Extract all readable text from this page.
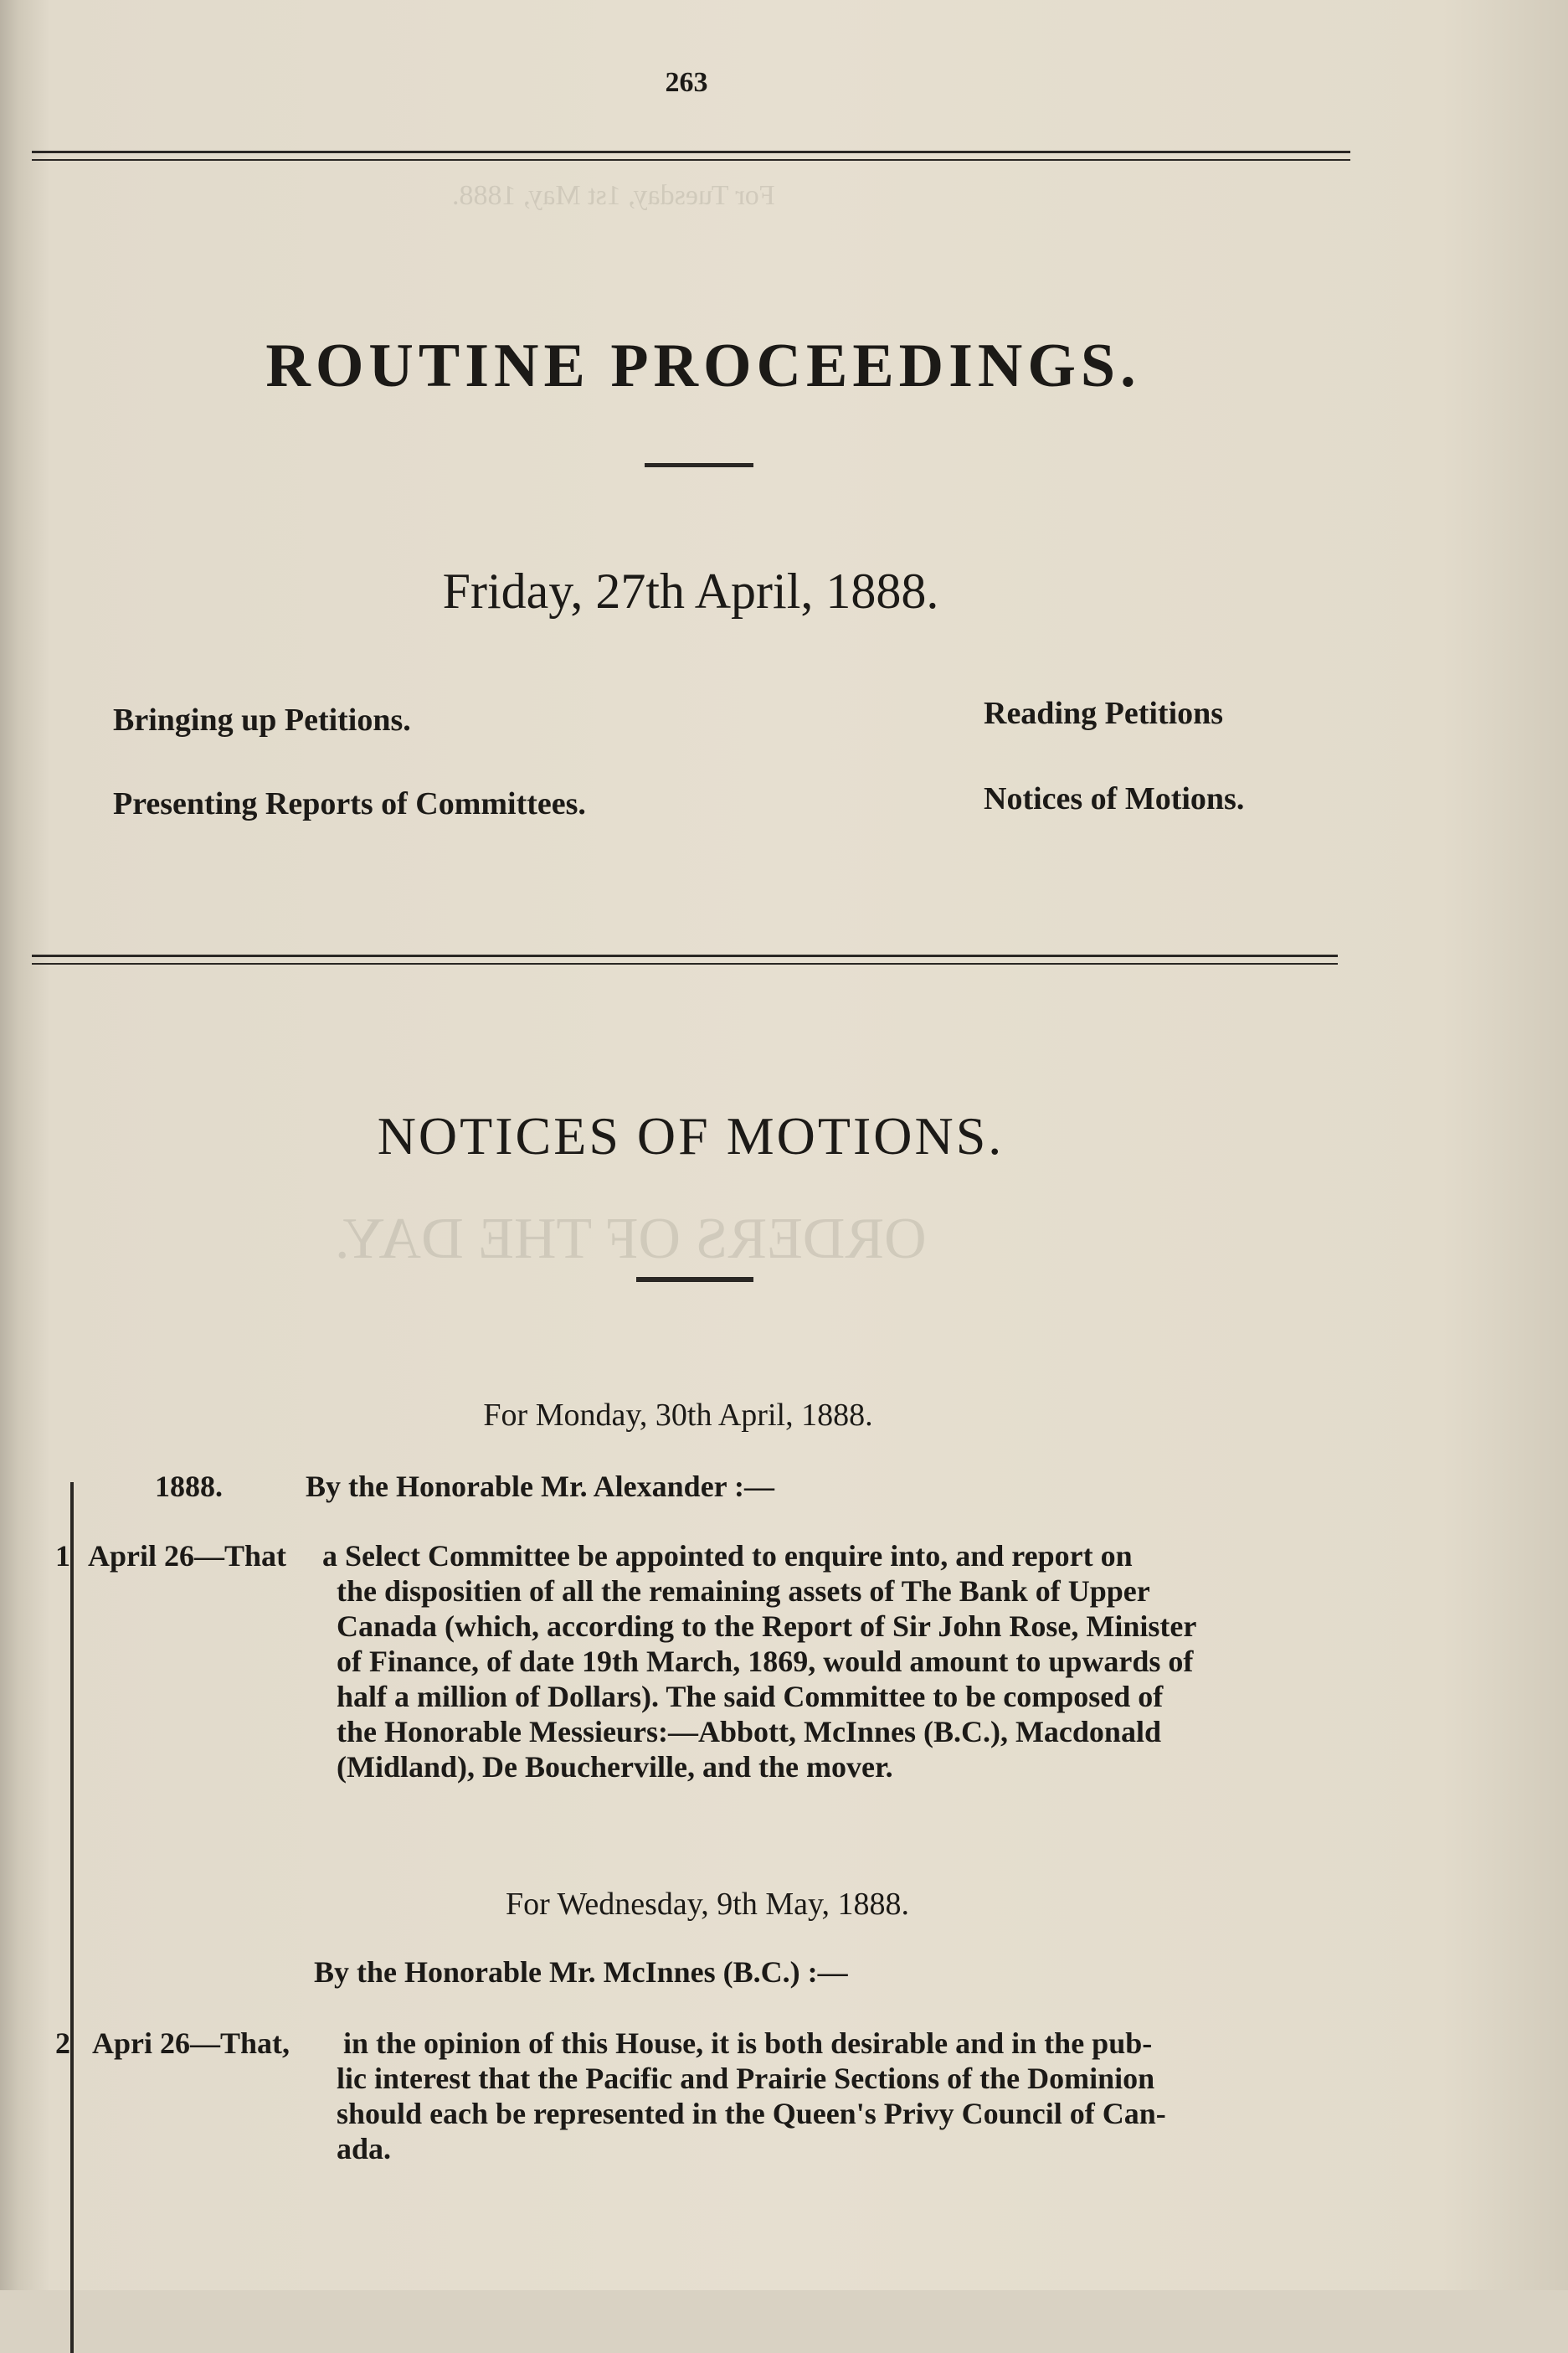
For Tuesday, 1st May, 1888.
ORDERS OF THE DAY.
263
ROUTINE PROCEEDINGS.
Friday, 27th April, 1888.
Bringing up Petitions.	Reading Petitions
Presenting Reports of Committees.	Notices of Motions.
NOTICES OF MOTIONS.
For Monday, 30th April, 1888.
1888.	By the Honorable Mr. Alexander :—
1 April 26—That a Select Committee be appointed to enquire into, and report on
the dispositien of all the remaining assets of The Bank of Upper
Canada (which, according to the Report of Sir John Rose, Minister
of Finance, of date 19th March, 1869, would amount to upwards of
half a million of Dollars). The said Committee to be composed of
the Honorable Messieurs:—Abbott, McInnes (B.C.), Macdonald
(Midland), De Boucherville, and the mover.
For Wednesday, 9th May, 1888.
By the Honorable Mr. McInnes (B.C.) :—
2 Apri 26—That, in the opinion of this House, it is both desirable and in the pub-
lic interest that the Pacific and Prairie Sections of the Dominion
should each be represented in the Queen's Privy Council of Can-
ada.
